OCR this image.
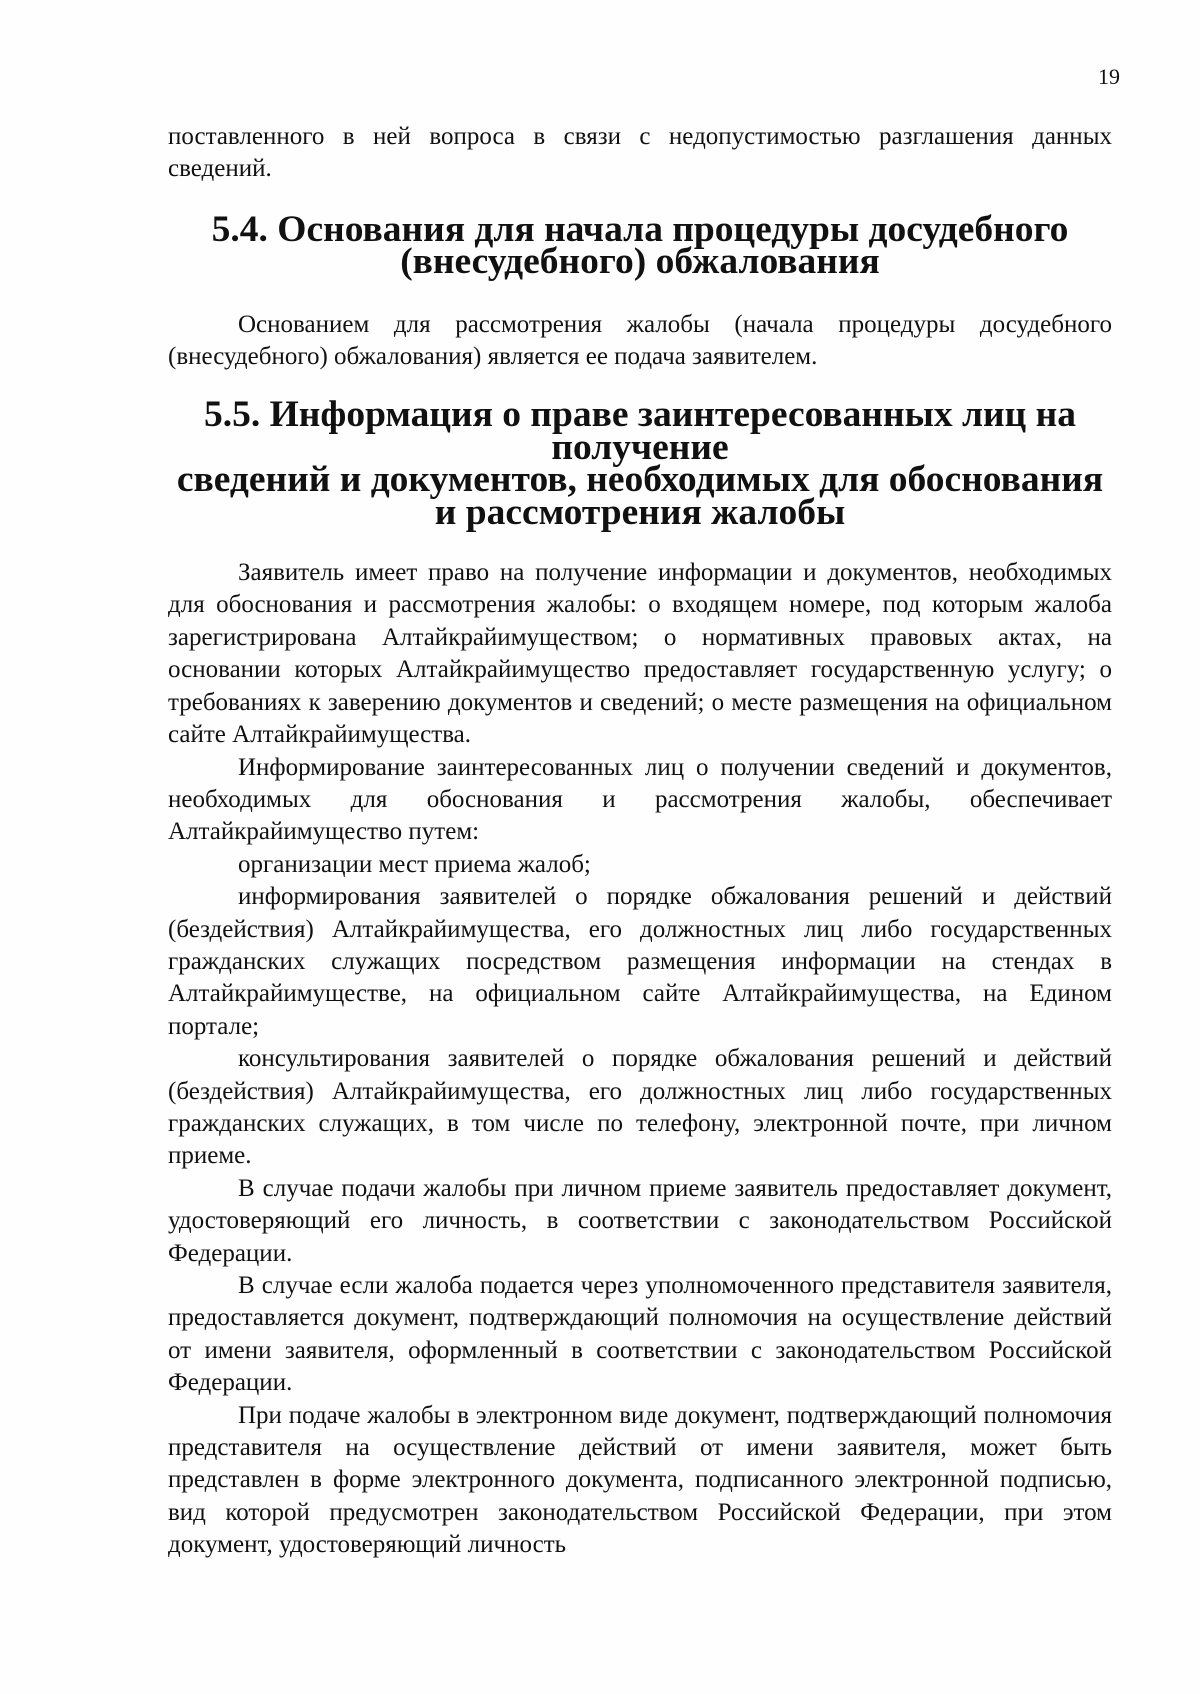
19

поставленного в ней вопроса в связи с недопустимостью разглашения данных сведений.

5.4. Основания для начала процедуры досудебного
(внесудебного) обжалования

Основанием для рассмотрения жалобы (начала процедуры досудебного (внесудебного) обжалования) является ее подача заявителем.

5.5. Информация о праве заинтересованных лиц на получение
сведений и документов, необходимых для обоснования
и рассмотрения жалобы

Заявитель имеет право на получение информации и документов, необходимых для обоснования и рассмотрения жалобы: о входящем номере, под которым жалоба зарегистрирована Алтайкрайимуществом; о нормативных правовых актах, на основании которых Алтайкрайимущество предоставляет государственную услугу; о требованиях к заверению документов и сведений; о месте размещения на официальном сайте Алтайкрайимущества.

Информирование заинтересованных лиц о получении сведений и документов, необходимых для обоснования и рассмотрения жалобы, обеспечивает Алтайкрайимущество путем:

организации мест приема жалоб;

информирования заявителей о порядке обжалования решений и действий (бездействия) Алтайкрайимущества, его должностных лиц либо государственных гражданских служащих посредством размещения информации на стендах в Алтайкрайимуществе, на официальном сайте Алтайкрайимущества, на Едином портале;

консультирования заявителей о порядке обжалования решений и действий (бездействия) Алтайкрайимущества, его должностных лиц либо государственных гражданских служащих, в том числе по телефону, электронной почте, при личном приеме.

В случае подачи жалобы при личном приеме заявитель предоставляет документ, удостоверяющий его личность, в соответствии с законодательством Российской Федерации.

В случае если жалоба подается через уполномоченного представителя заявителя, предоставляется документ, подтверждающий полномочия на осуществление действий от имени заявителя, оформленный в соответствии с законодательством Российской Федерации.

При подаче жалобы в электронном виде документ, подтверждающий полномочия представителя на осуществление действий от имени заявителя, может быть представлен в форме электронного документа, подписанного электронной подписью, вид которой предусмотрен законодательством Российской Федерации, при этом документ, удостоверяющий личность
